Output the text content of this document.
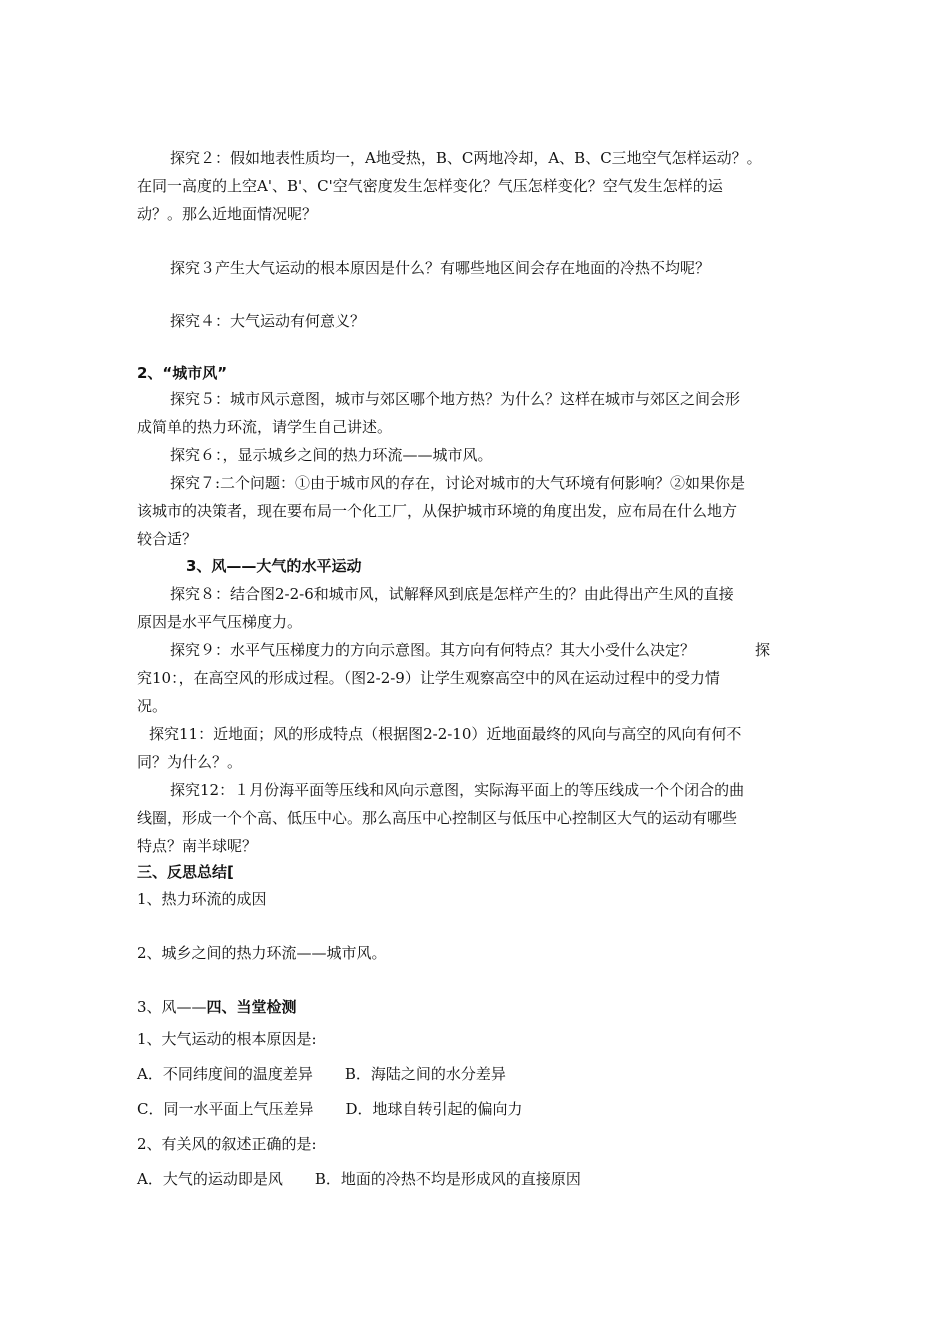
探究２：假如地表性质均一，A地受热，B、C两地冷却，A、B、C三地空气怎样运动？。
在同一高度的上空A'、B'、C'空气密度发生怎样变化？气压怎样变化？空气发生怎样的运
动？。那么近地面情况呢？
探究３产生大气运动的根本原因是什么？有哪些地区间会存在地面的冷热不均呢？
探究４：大气运动有何意义？
2、“城市风”
探究５：城市风示意图，城市与郊区哪个地方热？为什么？这样在城市与郊区之间会形
成简单的热力环流，请学生自己讲述。
探究６：，显示城乡之间的热力环流——城市风。
探究７:二个问题：①由于城市风的存在，讨论对城市的大气环境有何影响？②如果你是
该城市的决策者，现在要布局一个化工厂，从保护城市环境的角度出发，应布局在什么地方
较合适？
3、风——大气的水平运动
探究８：结合图2-2-6和城市风，试解释风到底是怎样产生的？由此得出产生风的直接
原因是水平气压梯度力。
探究９：水平气压梯度力的方向示意图。其方向有何特点？其大小受什么决定？	探
究10：，在高空风的形成过程。（图2-2-9）让学生观察高空中的风在运动过程中的受力情
况。
探究11：近地面；风的形成特点（根据图2-2-10）近地面最终的风向与高空的风向有何不
同？为什么？。
探究12：１月份海平面等压线和风向示意图，实际海平面上的等压线成一个个闭合的曲
线圈，形成一个个高、低压中心。那么高压中心控制区与低压中心控制区大气的运动有哪些
特点？南半球呢？
三、反思总结[
1、热力环流的成因
2、城乡之间的热力环流——城市风。
3、风——四、当堂检测
1、大气运动的根本原因是:
A．不同纬度间的温度差异 B．海陆之间的水分差异
C．同一水平面上气压差异 D．地球自转引起的偏向力
2、有关风的叙述正确的是:
A．大气的运动即是风 B．地面的冷热不均是形成风的直接原因
